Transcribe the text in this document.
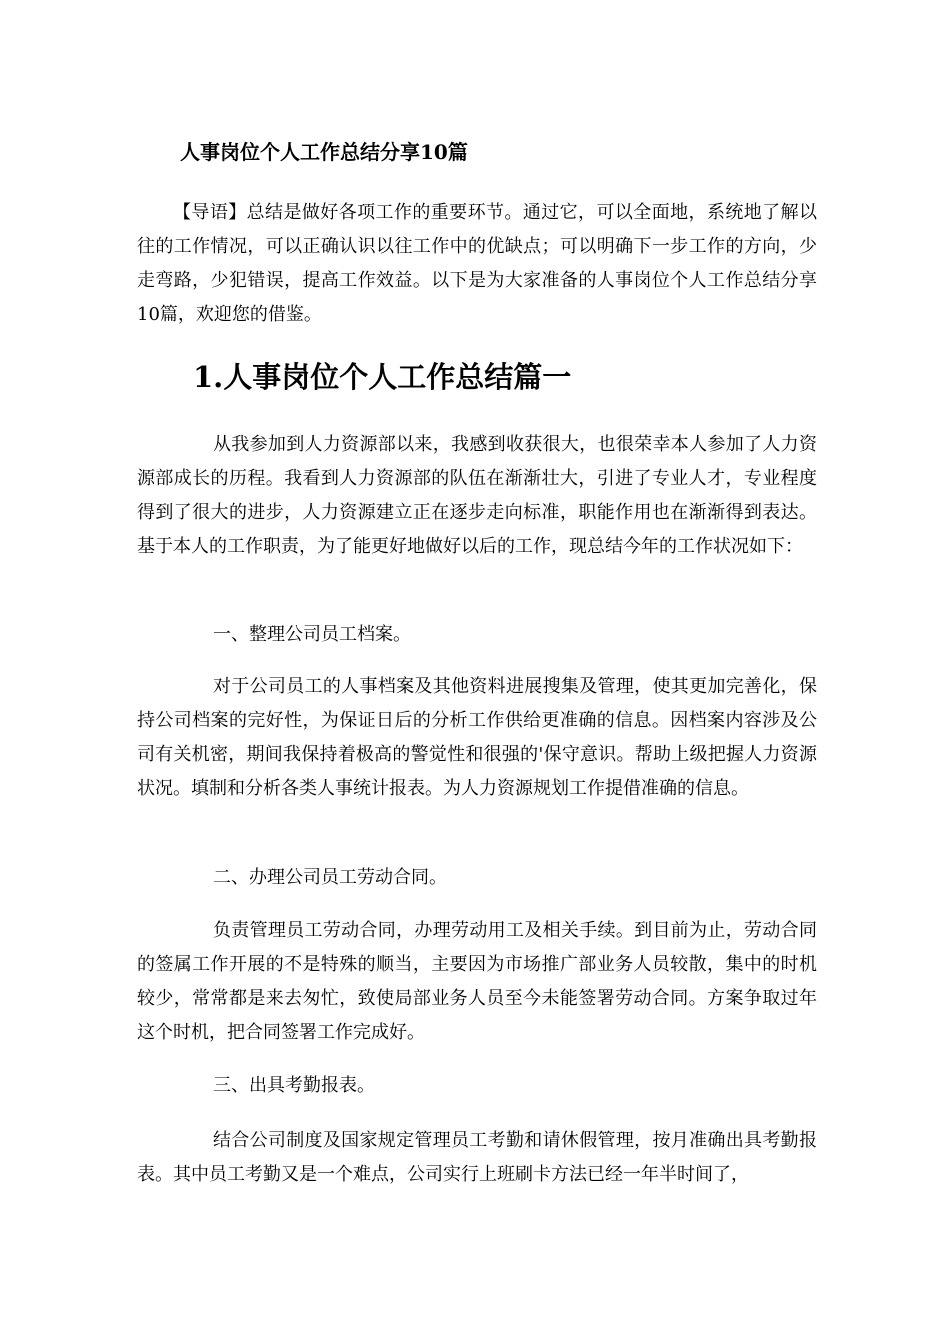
人事岗位个人工作总结分享10篇

【导语】总结是做好各项工作的重要环节。通过它，可以全面地，系统地了解以往的工作情况，可以正确认识以往工作中的优缺点；可以明确下一步工作的方向，少走弯路，少犯错误，提高工作效益。以下是为大家准备的人事岗位个人工作总结分享10篇，欢迎您的借鉴。

1.人事岗位个人工作总结篇一

从我参加到人力资源部以来，我感到收获很大，也很荣幸本人参加了人力资源部成长的历程。我看到人力资源部的队伍在渐渐壮大，引进了专业人才，专业程度得到了很大的进步，人力资源建立正在逐步走向标准，职能作用也在渐渐得到表达。基于本人的工作职责，为了能更好地做好以后的工作，现总结今年的工作状况如下：

一、整理公司员工档案。

对于公司员工的人事档案及其他资料进展搜集及管理，使其更加完善化，保持公司档案的完好性，为保证日后的分析工作供给更准确的信息。因档案内容涉及公司有关机密，期间我保持着极高的警觉性和很强的'保守意识。帮助上级把握人力资源状况。填制和分析各类人事统计报表。为人力资源规划工作提借准确的信息。

二、办理公司员工劳动合同。

负责管理员工劳动合同，办理劳动用工及相关手续。到目前为止，劳动合同的签属工作开展的不是特殊的顺当，主要因为市场推广部业务人员较散，集中的时机较少，常常都是来去匆忙，致使局部业务人员至今未能签署劳动合同。方案争取过年这个时机，把合同签署工作完成好。

三、出具考勤报表。

结合公司制度及国家规定管理员工考勤和请休假管理，按月准确出具考勤报表。其中员工考勤又是一个难点，公司实行上班刷卡方法已经一年半时间了，
